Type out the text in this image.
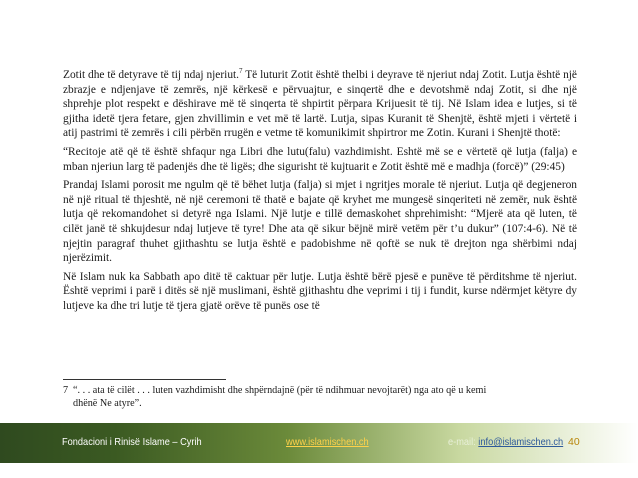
Zotit dhe të detyrave të tij ndaj njeriut.$^7$ Të luturit Zotit është thelbi i deyrave të njeriut ndaj Zotit. Lutja është një zbrazje e ndjenjave të zemrës, një kërkesë e përvuajtur, e sinqertë dhe e devotshmë ndaj Zotit, si dhe një shprehje plot respekt e dëshirave më të sinqerta të shpirtit përpara Krijuesit të tij. Në Islam idea e lutjes, si të gjitha idetë tjera fetare, gjen zhvillimin e vet më të lartë. Lutja, sipas Kuranit të Shenjtë, është mjeti i vërtetë i atij pastrimi të zemrës i cili përbën rrugën e vetme të komunikimit shpirtror me Zotin. Kurani i Shenjtë thotë:

“Recitoje atë që të është shfaqur nga Libri dhe lutu(falu) vazhdimisht. Eshtë më se e vërtetë që lutja (falja) e mban njeriun larg të padenjës dhe të ligës; dhe sigurisht të kujtuarit e Zotit është më e madhja (forcë)” (29:45)

Prandaj Islami porosit me ngulm që të bëhet lutja (falja) si mjet i ngritjes morale të njeriut. Lutja që degjeneron në një ritual të thjeshtë, në një ceremoni të thatë e bajate që kryhet me mungesë sinqeriteti në zemër, nuk është lutja që rekomandohet si detyrë nga Islami. Një lutje e tillë demaskohet shprehimisht: “Mjerë ata që luten, të cilët janë të shkujdesur ndaj lutjeve të tyre! Dhe ata që sikur bëjnë mirë vetëm për t’u dukur” (107:4-6). Në të njejtin paragraf thuhet gjithashtu se lutja është e padobishme në qoftë se nuk të drejton nga shërbimi ndaj njerëzimit.

Në Islam nuk ka Sabbath apo ditë të caktuar për lutje. Lutja është bërë pjesë e punëve të përditshme të njeriut. Është veprimi i parë i ditës së një muslimani, është gjithashtu dhe veprimi i tij i fundit, kurse ndërmjet këtyre dy lutjeve ka dhe tri lutje të tjera gjatë orëve të punës ose të

7 “. . . ata të cilët . . . luten vazhdimisht dhe shpërndajnë (për të ndihmuar nevojtarët) nga ato që u kemi
dhënë Ne atyre”.
Fondacioni i Rinisë Islame – Cyrih	www.islamischen.ch	e-mail: info@islamischen.ch 40
